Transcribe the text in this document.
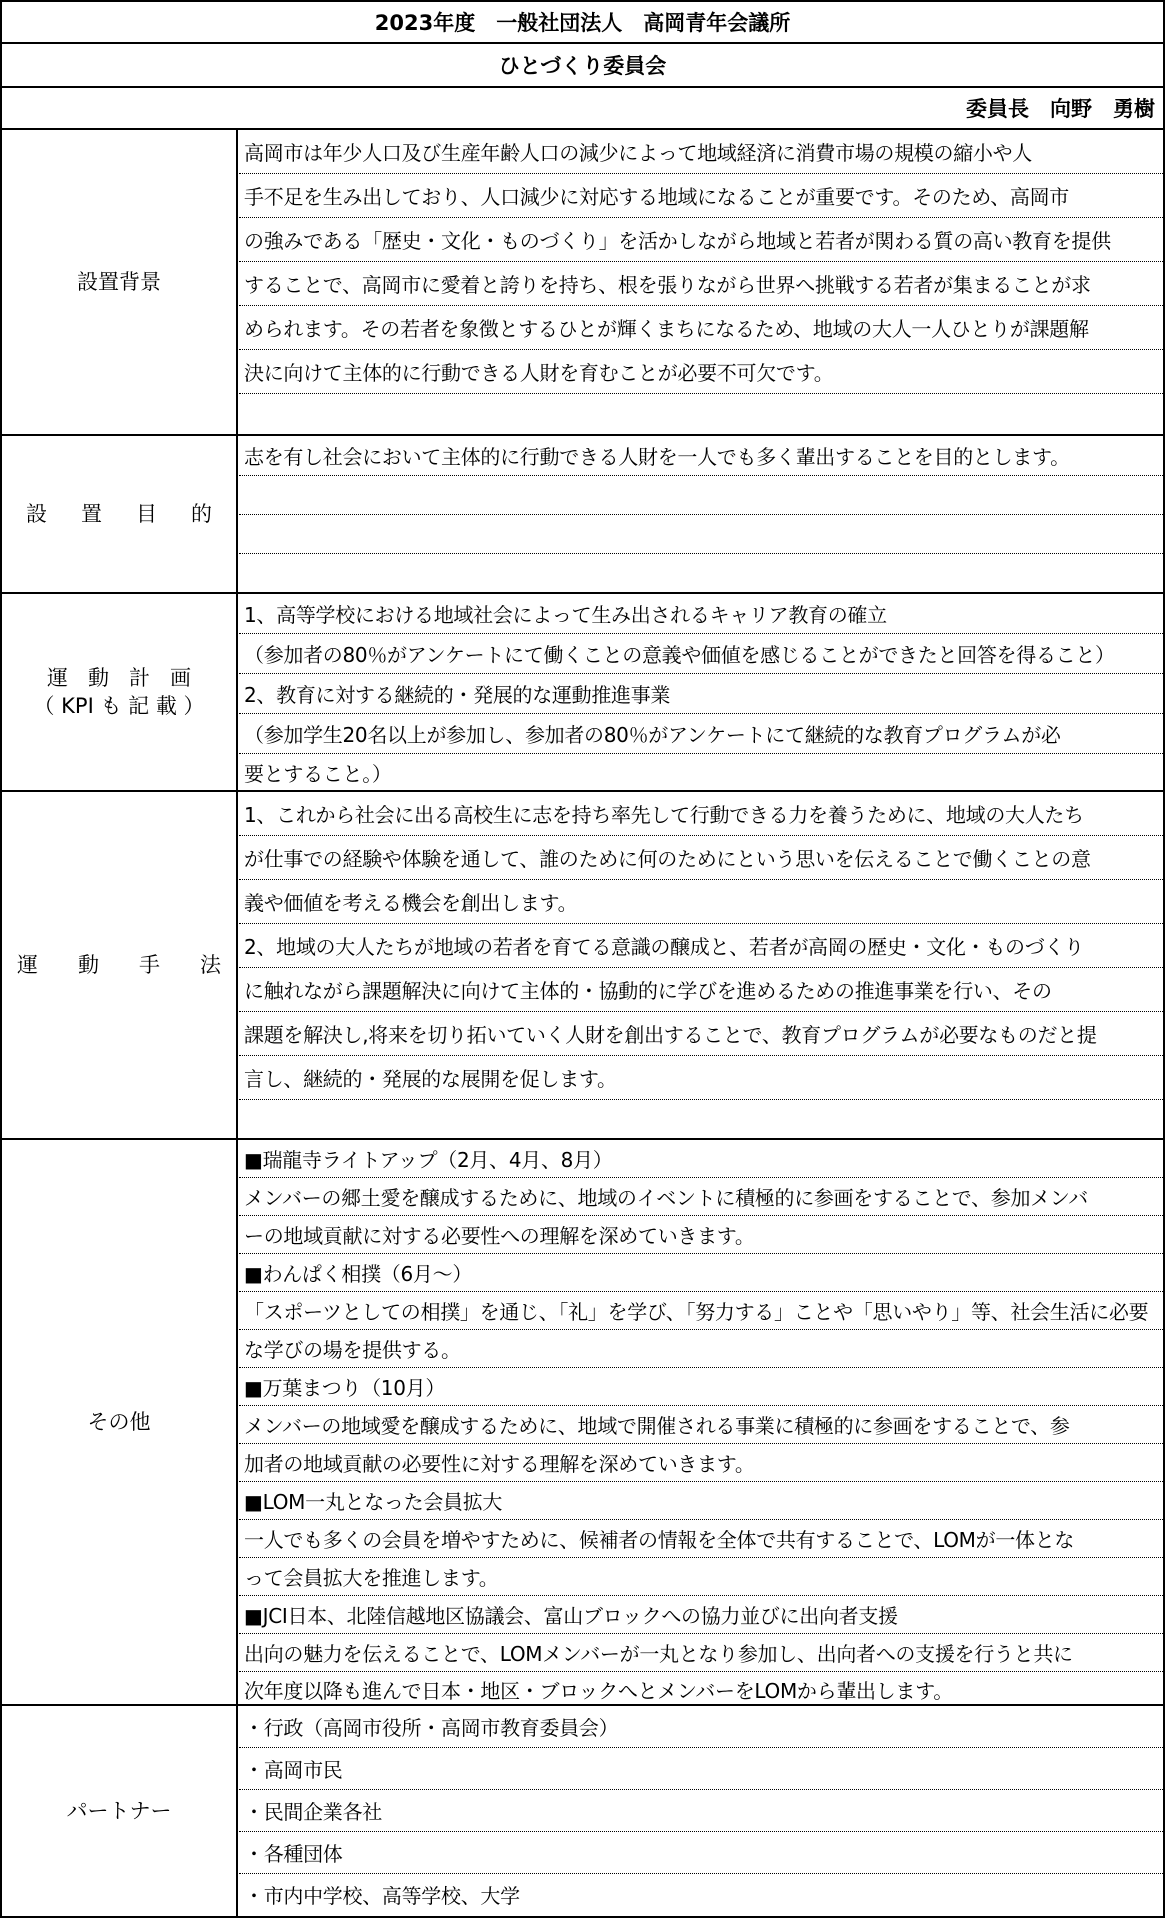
2023年度　一般社団法人　高岡青年会議所
ひとづくり委員会
委員長　向野　勇樹
設置背景
高岡市は年少人口及び生産年齢人口の減少によって地域経済に消費市場の規模の縮小や人
手不足を生み出しており、人口減少に対応する地域になることが重要です。そのため、高岡市
の強みである「歴史・文化・ものづくり」を活かしながら地域と若者が関わる質の高い教育を提供
することで、高岡市に愛着と誇りを持ち、根を張りながら世界へ挑戦する若者が集まることが求
められます。その若者を象徴とするひとが輝くまちになるため、地域の大人一人ひとりが課題解
決に向けて主体的に行動できる人財を育むことが必要不可欠です。
設置目的
志を有し社会において主体的に行動できる人財を一人でも多く輩出することを目的とします。
運動計画
（ KPI も 記 載 ）
1、高等学校における地域社会によって生み出されるキャリア教育の確立
（参加者の80％がアンケートにて働くことの意義や価値を感じることができたと回答を得ること）
2、教育に対する継続的・発展的な運動推進事業
（参加学生20名以上が参加し、参加者の80％がアンケートにて継続的な教育プログラムが必
要とすること。）
運動手法
1、これから社会に出る高校生に志を持ち率先して行動できる力を養うために、地域の大人たち
が仕事での経験や体験を通して、誰のために何のためにという思いを伝えることで働くことの意
義や価値を考える機会を創出します。
2、地域の大人たちが地域の若者を育てる意識の醸成と、若者が高岡の歴史・文化・ものづくり
に触れながら課題解決に向けて主体的・協動的に学びを進めるための推進事業を行い、その
課題を解決し,将来を切り拓いていく人財を創出することで、教育プログラムが必要なものだと提
言し、継続的・発展的な展開を促します。
その他
■瑞龍寺ライトアップ（2月、4月、8月）
メンバーの郷土愛を醸成するために、地域のイベントに積極的に参画をすることで、参加メンバ
ーの地域貢献に対する必要性への理解を深めていきます。
■わんぱく相撲（6月～）
「スポーツとしての相撲」を通じ、「礼」を学び、「努力する」ことや「思いやり」等、社会生活に必要
な学びの場を提供する。
■万葉まつり（10月）
メンバーの地域愛を醸成するために、地域で開催される事業に積極的に参画をすることで、参
加者の地域貢献の必要性に対する理解を深めていきます。
■LOM一丸となった会員拡大
一人でも多くの会員を増やすために、候補者の情報を全体で共有することで、LOMが一体とな
って会員拡大を推進します。
■JCI日本、北陸信越地区協議会、富山ブロックへの協力並びに出向者支援
出向の魅力を伝えることで、LOMメンバーが一丸となり参加し、出向者への支援を行うと共に
次年度以降も進んで日本・地区・ブロックへとメンバーをLOMから輩出します。
パートナー
・行政（高岡市役所・高岡市教育委員会）
・高岡市民
・民間企業各社
・各種団体
・市内中学校、高等学校、大学
